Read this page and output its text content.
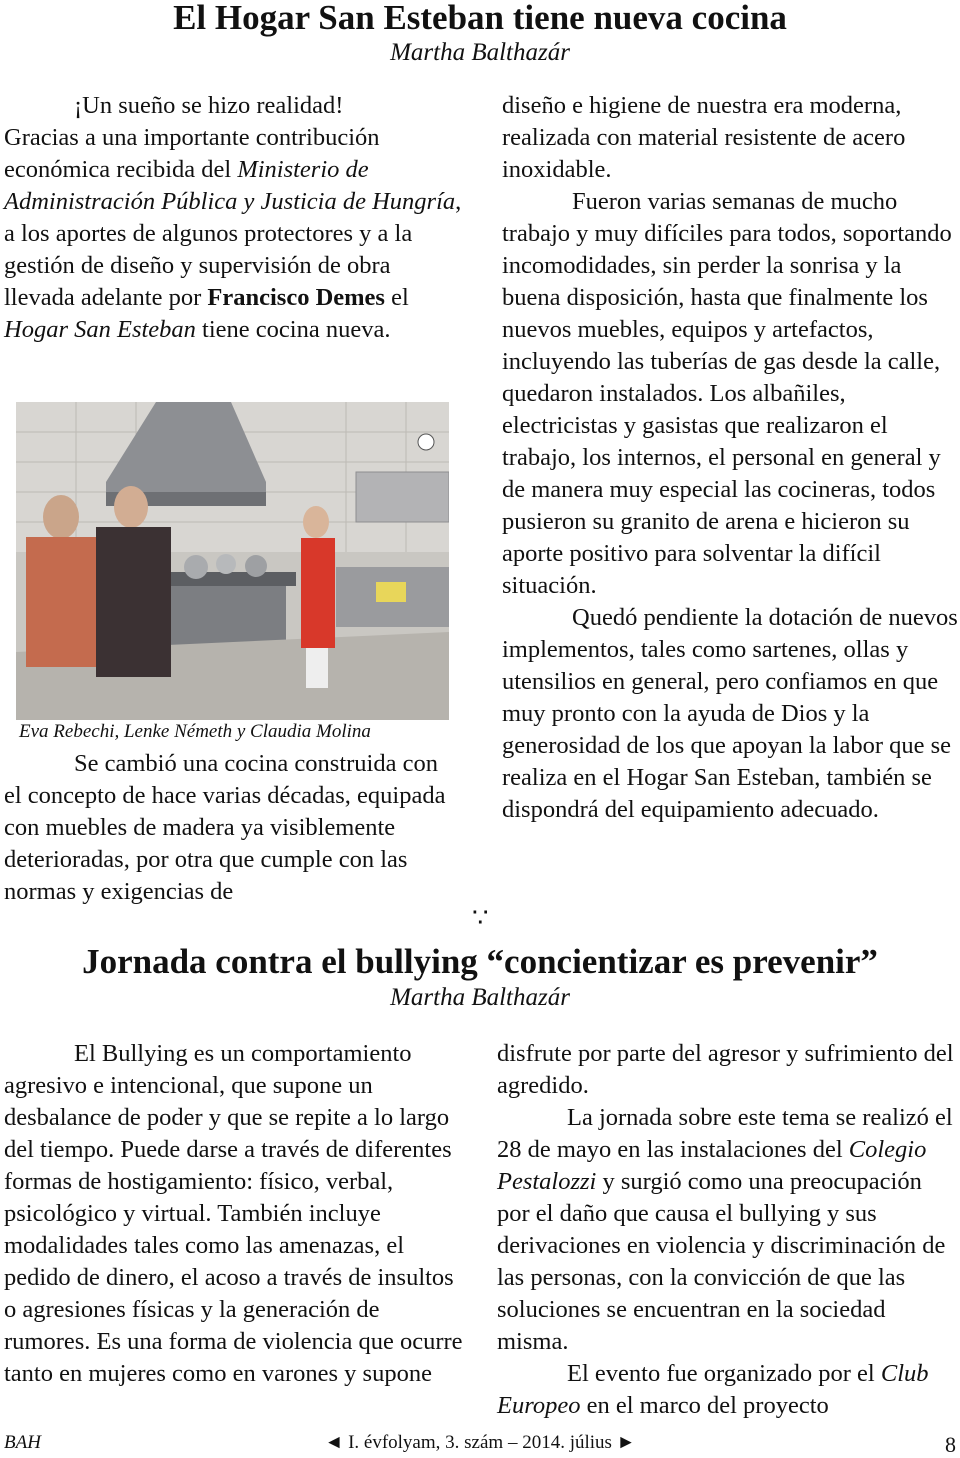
El Hogar San Esteban tiene nueva cocina
Martha Balthazár

¡Un sueño se hizo realidad!

Gracias a una importante contribución económica recibida del Ministerio de Administración Pública y Justicia de Hungría, a los aportes de algunos protectores y a la gestión de diseño y supervisión de obra llevada adelante por Francisco Demes el Hogar San Esteban tiene cocina nueva.

Eva Rebechi, Lenke Németh y Claudia Molina

Se cambió una cocina construida con el concepto de hace varias décadas, equipada con muebles de madera ya visiblemente deterioradas, por otra que cumple con las normas y exigencias de

diseño e higiene de nuestra era moderna, realizada con material resistente de acero inoxidable.

Fueron varias semanas de mucho trabajo y muy difíciles para todos, soportando incomodidades, sin perder la sonrisa y la buena disposición, hasta que finalmente los nuevos muebles, equipos y artefactos, incluyendo las tuberías de gas desde la calle, quedaron instalados. Los albañiles, electricistas y gasistas que realizaron el trabajo, los internos, el personal en general y de manera muy especial las cocineras, todos pusieron su granito de arena e hicieron su aporte positivo para solventar la difícil situación.

Quedó pendiente la dotación de nuevos implementos, tales como sartenes, ollas y utensilios en general, pero confiamos en que muy pronto con la ayuda de Dios y la generosidad de los que apoyan la labor que se realiza en el Hogar San Esteban, también se dispondrá del equipamiento adecuado.

∵
Jornada contra el bullying “concientizar es prevenir”
Martha Balthazár

El Bullying es un comportamiento agresivo e intencional, que supone un desbalance de poder y que se repite a lo largo del tiempo. Puede darse a través de diferentes formas de hostigamiento: físico, verbal, psicológico y virtual. También incluye modalidades tales como las amenazas, el pedido de dinero, el acoso a través de insultos o agresiones físicas y la generación de rumores. Es una forma de violencia que ocurre tanto en mujeres como en varones y supone

disfrute por parte del agresor y sufrimiento del agredido.

La jornada sobre este tema se realizó el 28 de mayo en las instalaciones del Colegio Pestalozzi y surgió como una preocupación por el daño que causa el bullying y sus derivaciones en violencia y discriminación de las personas, con la convicción de que las soluciones se encuentran en la sociedad misma.

El evento fue organizado por el Club Europeo en el marco del proyecto

BAH	◄ I. évfolyam, 3. szám – 2014. július ►	8
